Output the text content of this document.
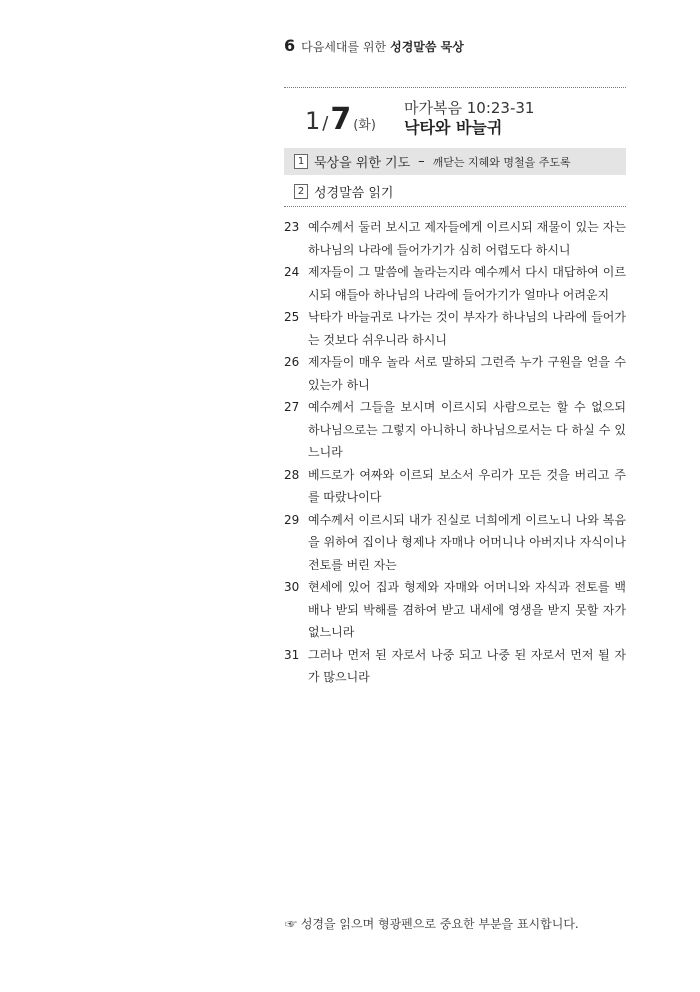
6 다음세대를 위한 성경말씀 묵상
1 /7 (화)
마가복음 10:23-31
낙타와 바늘귀
1 묵상을 위한 기도 – 깨닫는 지혜와 명철을 주도록
2 성경말씀 읽기
23 예수께서 둘러 보시고 제자들에게 이르시되 재물이 있는 자는 하나님의 나라에 들어가기가 심히 어렵도다 하시니
24 제자들이 그 말씀에 놀라는지라 예수께서 다시 대답하여 이르시되 얘들아 하나님의 나라에 들어가기가 얼마나 어려운지
25 낙타가 바늘귀로 나가는 것이 부자가 하나님의 나라에 들어가는 것보다 쉬우니라 하시니
26 제자들이 매우 놀라 서로 말하되 그런즉 누가 구원을 얻을 수 있는가 하니
27 예수께서 그들을 보시며 이르시되 사람으로는 할 수 없으되 하나님으로는 그렇지 아니하니 하나님으로서는 다 하실 수 있느니라
28 베드로가 여짜와 이르되 보소서 우리가 모든 것을 버리고 주를 따랐나이다
29 예수께서 이르시되 내가 진실로 너희에게 이르노니 나와 복음을 위하여 집이나 형제나 자매나 어머니나 아버지나 자식이나 전토를 버린 자는
30 현세에 있어 집과 형제와 자매와 어머니와 자식과 전토를 백 배나 받되 박해를 겸하여 받고 내세에 영생을 받지 못할 자가 없느니라
31 그러나 먼저 된 자로서 나중 되고 나중 된 자로서 먼저 될 자가 많으니라
☞ 성경을 읽으며 형광펜으로 중요한 부분을 표시합니다.
